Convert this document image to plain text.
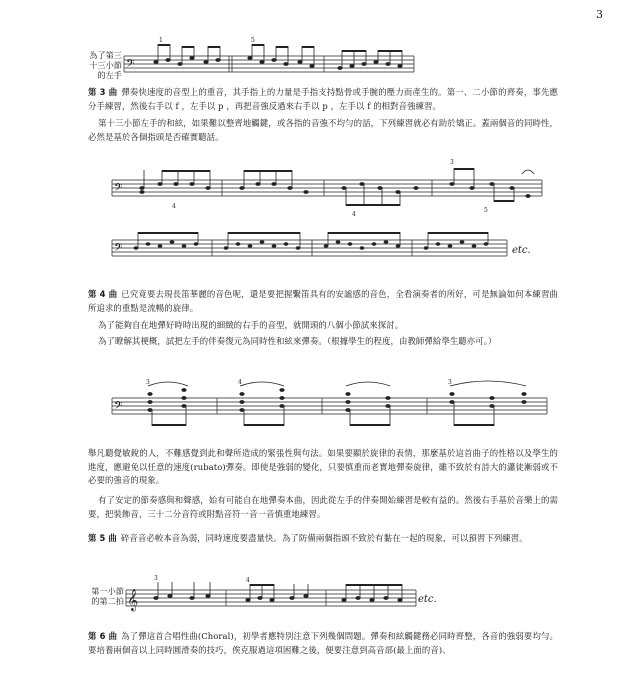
3
為了第三
十三小節
的左手
𝄢
5
1

第 3 曲 彈奏快速度的音型上的重音，其手指上的力量是手指支持點骨或手腕的壓力而產生的。第一、二小節的齊奏，事先應分手練習，然後右手以 f ，左手以 p ，再把音強反過來右手以 p ，左手以 f 的相對音強練習。

第十三小節左手的和絃，如果難以整齊地觸鍵，或各指的音強不均勻的話，下列練習就必有助於矯正。蓋兩個音的同時性，必然是基於各個指頭是否確實聽話。

𝄢
𝄢
4
4
3
5
etc.

第 4 曲 已究竟要去現長笛華麗的音色呢，還是要把握繫笛具有的安謐感的音色，全看演奏者的所好，可是無論如何本練習曲所追求的重點是流暢的旋律。

為了能夠自在地彈好時時出現的細緻的右手的音型，就開頭的八個小節試來探討。

為了瞭解其梗概，試把左手的伴奏復元為同時性和絃來彈奏。（根據學生的程度，由教師彈給學生聽亦可。）

𝄢
3	4	3

舉凡聽覺敏銳的人，不難感覺到此和聲所造成的緊張性與句法。如果要顯於旋律的表情，那麼基於這首曲子的性格以及學生的進度，應避免以任意的速度(rubato)彈奏。即使是強弱的變化，只要慎重而老實地彈奏旋律，雖不致於有詩大的瀟徒漸弱或不必要的強音的現象。

有了安定的節奏感與和聲感，始有可能自在地彈奏本曲，因此從左手的伴奏開始練習是較有益的。然後右手基於音樂上的需要，把裝飾音，三十二分音符或附點音符一音一音慎重地練習。

第 5 曲 碎音音必較本音為弱，同時速度要盡量快。為了防備兩個指頭不致於有黏在一起的現象，可以預習下列練習。

第一小節
的第二拍 𝄞
3	4
etc.

第 6 曲 為了彈這首合唱性曲(Choral)，初學者應特別注意下列幾個問題。彈奏和絃觸鍵務必同時齊整，各音的強弱要均勻。要培養兩個音以上同時圓滑奏的技巧，俟克服過這項困難之後，便要注意到高音部(最上面的音)、
